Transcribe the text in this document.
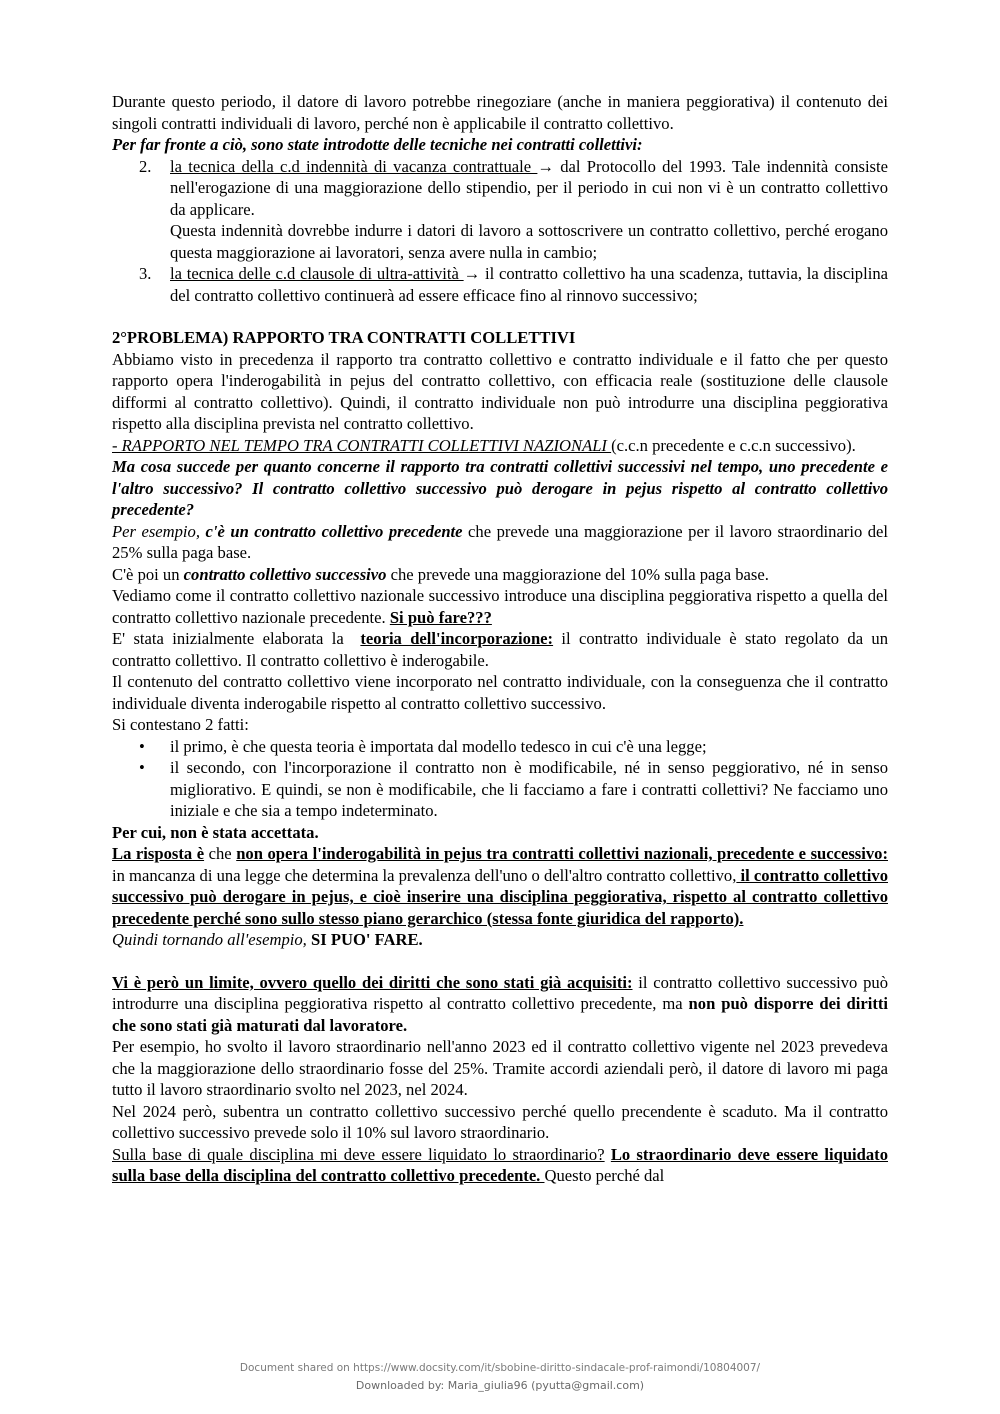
Durante questo periodo, il datore di lavoro potrebbe rinegoziare (anche in maniera peggiorativa) il contenuto dei singoli contratti individuali di lavoro, perché non è applicabile il contratto collettivo.

Per far fronte a ciò, sono state introdotte delle tecniche nei contratti collettivi:

2. la tecnica della c.d indennità di vacanza contrattuale → dal Protocollo del 1993. Tale indennità consiste nell'erogazione di una maggiorazione dello stipendio, per il periodo in cui non vi è un contratto collettivo da applicare.

Questa indennità dovrebbe indurre i datori di lavoro a sottoscrivere un contratto collettivo, perché erogano questa maggiorazione ai lavoratori, senza avere nulla in cambio;

3. la tecnica delle c.d clausole di ultra-attività → il contratto collettivo ha una scadenza, tuttavia, la disciplina del contratto collettivo continuerà ad essere efficace fino al rinnovo successivo;

2°PROBLEMA) RAPPORTO TRA CONTRATTI COLLETTIVI

Abbiamo visto in precedenza il rapporto tra contratto collettivo e contratto individuale e il fatto che per questo rapporto opera l'inderogabilità in pejus del contratto collettivo, con efficacia reale (sostituzione delle clausole difformi al contratto collettivo). Quindi, il contratto individuale non può introdurre una disciplina peggiorativa rispetto alla disciplina prevista nel contratto collettivo.

- RAPPORTO NEL TEMPO TRA CONTRATTI COLLETTIVI NAZIONALI (c.c.n precedente e c.c.n successivo).

Ma cosa succede per quanto concerne il rapporto tra contratti collettivi successivi nel tempo, uno precedente e l'altro successivo? Il contratto collettivo successivo può derogare in pejus rispetto al contratto collettivo precedente?

Per esempio, c'è un contratto collettivo precedente che prevede una maggiorazione per il lavoro straordinario del 25% sulla paga base.

C'è poi un contratto collettivo successivo che prevede una maggiorazione del 10% sulla paga base.

Vediamo come il contratto collettivo nazionale successivo introduce una disciplina peggiorativa rispetto a quella del contratto collettivo nazionale precedente. Si può fare???

E' stata inizialmente elaborata la  teoria dell'incorporazione: il contratto individuale è stato regolato da un contratto collettivo. Il contratto collettivo è inderogabile.

Il contenuto del contratto collettivo viene incorporato nel contratto individuale, con la conseguenza che il contratto individuale diventa inderogabile rispetto al contratto collettivo successivo.

Si contestano 2 fatti:

• il primo, è che questa teoria è importata dal modello tedesco in cui c'è una legge;
• il secondo, con l'incorporazione il contratto non è modificabile, né in senso peggiorativo, né in senso migliorativo. E quindi, se non è modificabile, che li facciamo a fare i contratti collettivi? Ne facciamo uno iniziale e che sia a tempo indeterminato.

Per cui, non è stata accettata.

La risposta è che non opera l'inderogabilità in pejus tra contratti collettivi nazionali, precedente e successivo: in mancanza di una legge che determina la prevalenza dell'uno o dell'altro contratto collettivo, il contratto collettivo successivo può derogare in pejus, e cioè inserire una disciplina peggiorativa, rispetto al contratto collettivo precedente perché sono sullo stesso piano gerarchico (stessa fonte giuridica del rapporto).

Quindi tornando all'esempio, SI PUO' FARE.

Vi è però un limite, ovvero quello dei diritti che sono stati già acquisiti: il contratto collettivo successivo può introdurre una disciplina peggiorativa rispetto al contratto collettivo precedente, ma non può disporre dei diritti che sono stati già maturati dal lavoratore.

Per esempio, ho svolto il lavoro straordinario nell'anno 2023 ed il contratto collettivo vigente nel 2023 prevedeva che la maggiorazione dello straordinario fosse del 25%. Tramite accordi aziendali però, il datore di lavoro mi paga tutto il lavoro straordinario svolto nel 2023, nel 2024.

Nel 2024 però, subentra un contratto collettivo successivo perché quello precendente è scaduto. Ma il contratto collettivo successivo prevede solo il 10% sul lavoro straordinario.

Sulla base di quale disciplina mi deve essere liquidato lo straordinario? Lo straordinario deve essere liquidato sulla base della disciplina del contratto collettivo precedente. Questo perché dal

Document shared on https://www.docsity.com/it/sbobine-diritto-sindacale-prof-raimondi/10804007/
Downloaded by: Maria_giulia96 (pyutta@gmail.com)
